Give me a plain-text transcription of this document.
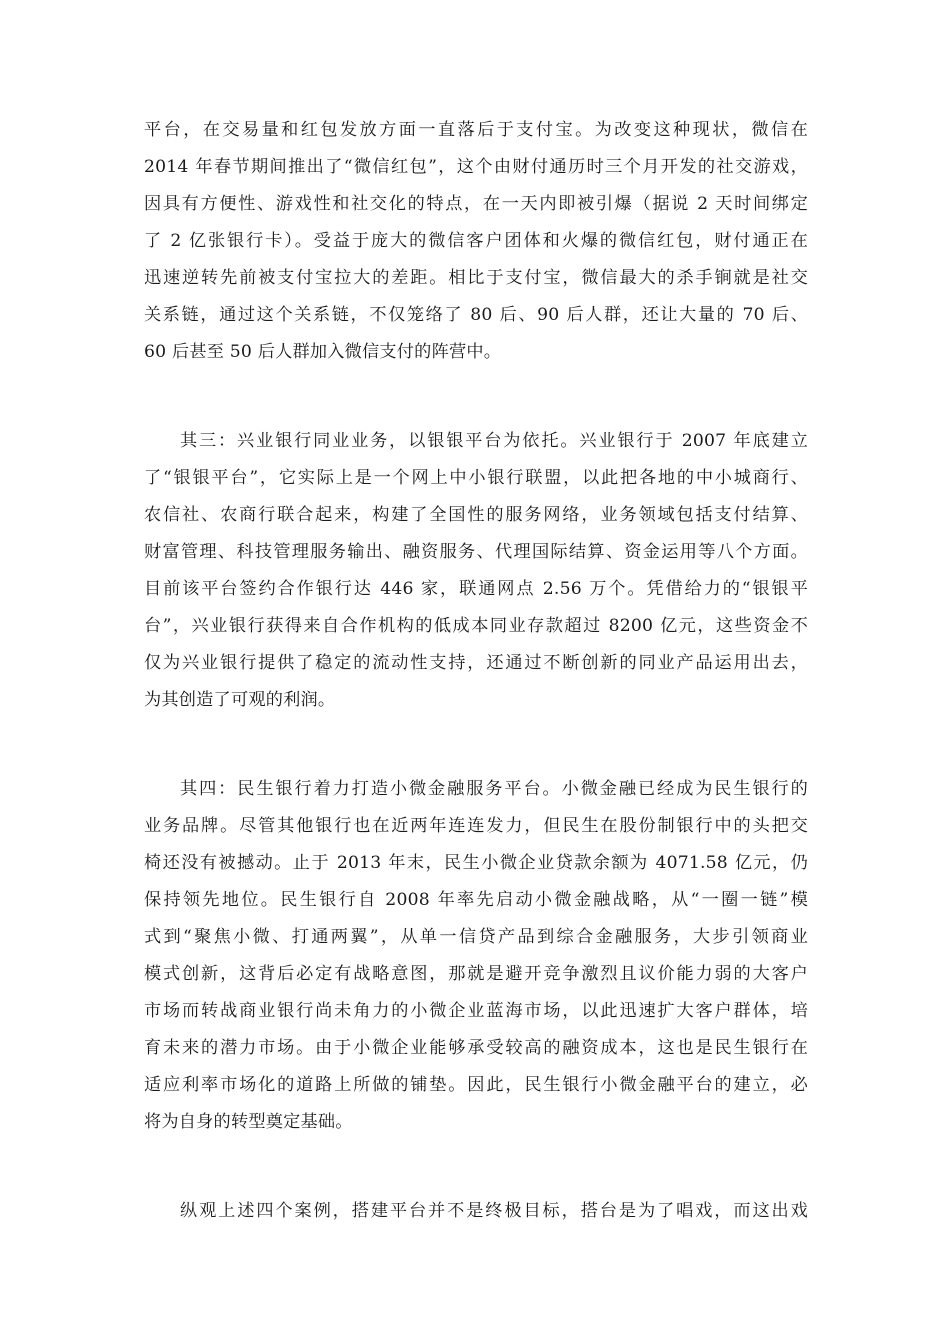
平台，在交易量和红包发放方面一直落后于支付宝。为改变这种现状，微信在
2014 年春节期间推出了“微信红包”，这个由财付通历时三个月开发的社交游戏，
因具有方便性、游戏性和社交化的特点，在一天内即被引爆（据说 2 天时间绑定
了 2 亿张银行卡）。受益于庞大的微信客户团体和火爆的微信红包，财付通正在
迅速逆转先前被支付宝拉大的差距。相比于支付宝，微信最大的杀手锏就是社交
关系链，通过这个关系链，不仅笼络了 80 后、90 后人群，还让大量的 70 后、
60 后甚至 50 后人群加入微信支付的阵营中。
其三：兴业银行同业业务，以银银平台为依托。兴业银行于 2007 年底建立
了“银银平台”，它实际上是一个网上中小银行联盟，以此把各地的中小城商行、
农信社、农商行联合起来，构建了全国性的服务网络，业务领域包括支付结算、
财富管理、科技管理服务输出、融资服务、代理国际结算、资金运用等八个方面。
目前该平台签约合作银行达 446 家，联通网点 2.56 万个。凭借给力的“银银平
台”，兴业银行获得来自合作机构的低成本同业存款超过 8200 亿元，这些资金不
仅为兴业银行提供了稳定的流动性支持，还通过不断创新的同业产品运用出去，
为其创造了可观的利润。
其四：民生银行着力打造小微金融服务平台。小微金融已经成为民生银行的
业务品牌。尽管其他银行也在近两年连连发力，但民生在股份制银行中的头把交
椅还没有被撼动。止于 2013 年末，民生小微企业贷款余额为 4071.58 亿元，仍
保持领先地位。民生银行自 2008 年率先启动小微金融战略，从“一圈一链”模
式到“聚焦小微、打通两翼”，从单一信贷产品到综合金融服务，大步引领商业
模式创新，这背后必定有战略意图，那就是避开竞争激烈且议价能力弱的大客户
市场而转战商业银行尚未角力的小微企业蓝海市场，以此迅速扩大客户群体，培
育未来的潜力市场。由于小微企业能够承受较高的融资成本，这也是民生银行在
适应利率市场化的道路上所做的铺垫。因此，民生银行小微金融平台的建立，必
将为自身的转型奠定基础。
纵观上述四个案例，搭建平台并不是终极目标，搭台是为了唱戏，而这出戏
